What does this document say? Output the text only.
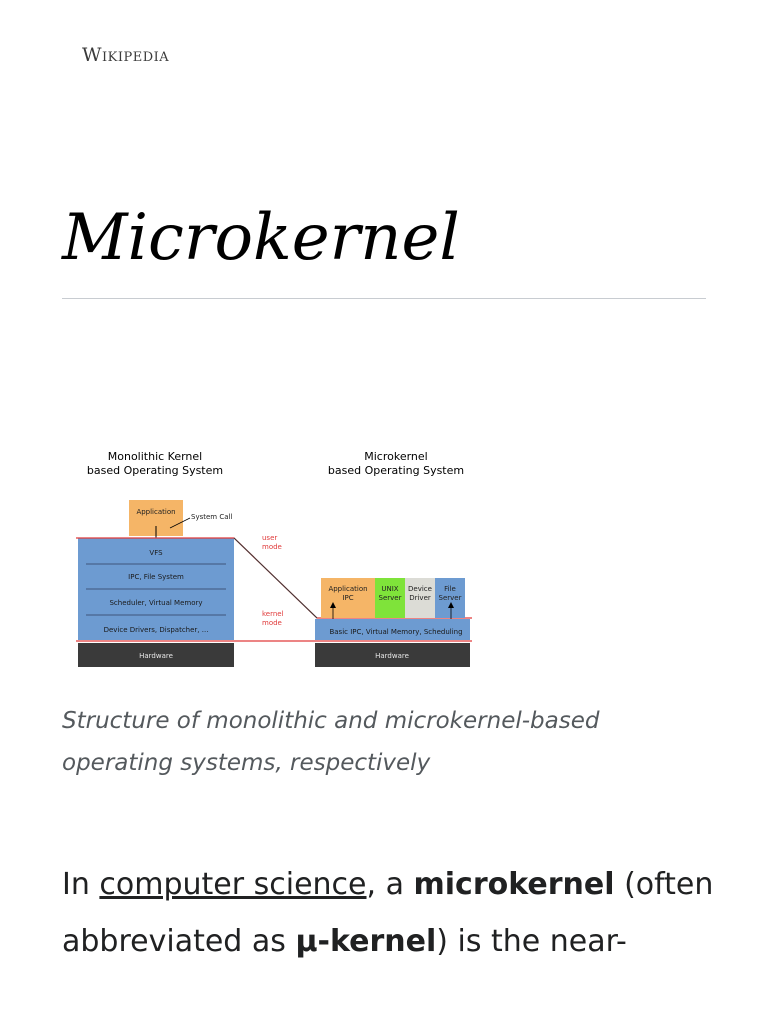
Wikipedia
Microkernel
Monolithic Kernel
based Operating System
Application
System Call
VFS
IPC, File System
Scheduler, Virtual Memory
Device Drivers, Dispatcher, ...
Hardware
user
mode
kernel
mode
Microkernel
based Operating System
Application
IPC
UNIX
Server
Device
Driver
File
Server
Basic IPC, Virtual Memory, Scheduling
Hardware
Structure of monolithic and microkernel-based operating systems, respectively

In computer science, a microkernel (often abbreviated as μ-kernel) is the near-
